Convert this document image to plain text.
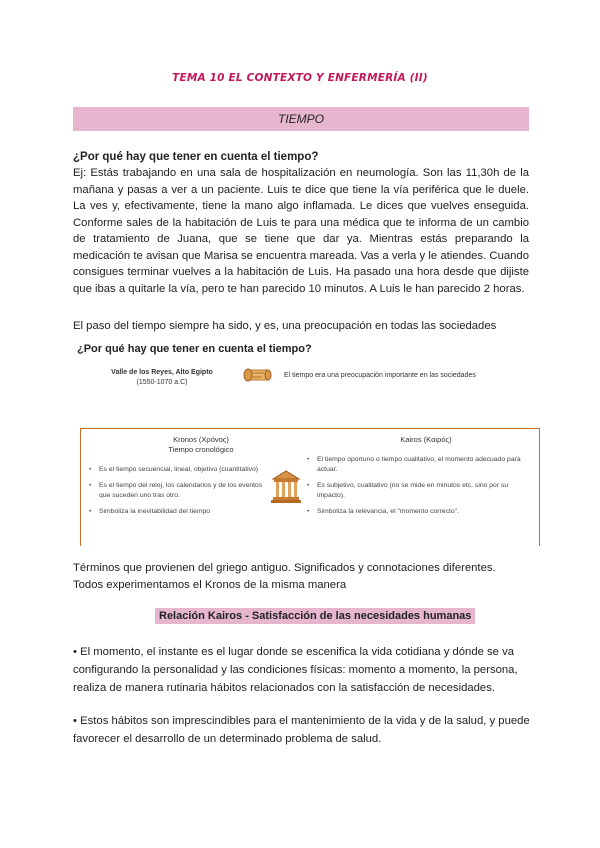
TEMA 10 EL CONTEXTO Y ENFERMERÍA (II)
TIEMPO
¿Por qué hay que tener en cuenta el tiempo?
Ej: Estás trabajando en una sala de hospitalización en neumología. Son las 11,30h de la mañana y pasas a ver a un paciente. Luis te dice que tiene la vía periférica que le duele. La ves y, efectivamente, tiene la mano algo inflamada. Le dices que vuelves enseguida. Conforme sales de la habitación de Luis te para una médica que te informa de un cambio de tratamiento de Juana, que se tiene que dar ya. Mientras estás preparando la medicación te avisan que Marisa se encuentra mareada. Vas a verla y le atiendes. Cuando consigues terminar vuelves a la habitación de Luis. Ha pasado una hora desde que dijiste que ibas a quitarle la vía, pero te han parecido 10 minutos. A Luis le han parecido 2 horas.
El paso del tiempo siempre ha sido, y es, una preocupación en todas las sociedades
¿Por qué hay que tener en cuenta el tiempo?
Valle de los Reyes, Alto Egipto
(1550-1070 a.C)
El tiempo era una preocupación importante en las sociedades
Kronos (Χρόνος)
Tiempo cronológico
• Es el tiempo secuencial, lineal, objetivo (cuantitativo)
• Es el tiempo del reloj, los calendarios y de los eventos que suceden uno tras otro.
• Simboliza la inevitabilidad del tiempo
Kairos (Καιρός)
• El tiempo oportuno o tiempo cualitativo, el momento adecuado para actuar.
• Es subjetivo, cualitativo (no se mide en minutos etc. sino por su impacto).
• Simboliza la relevancia, el "momento correcto".
Términos que provienen del griego antiguo. Significados y connotaciones diferentes.
Todos experimentamos el Kronos de la misma manera
Relación Kairos - Satisfacción de las necesidades humanas
• El momento, el instante es el lugar donde se escenifica la vida cotidiana y dónde se va configurando la personalidad y las condiciones físicas: momento a momento, la persona, realiza de manera rutinaria hábitos relacionados con la satisfacción de necesidades.
• Estos hábitos son imprescindibles para el mantenimiento de la vida y de la salud, y puede favorecer el desarrollo de un determinado problema de salud.
